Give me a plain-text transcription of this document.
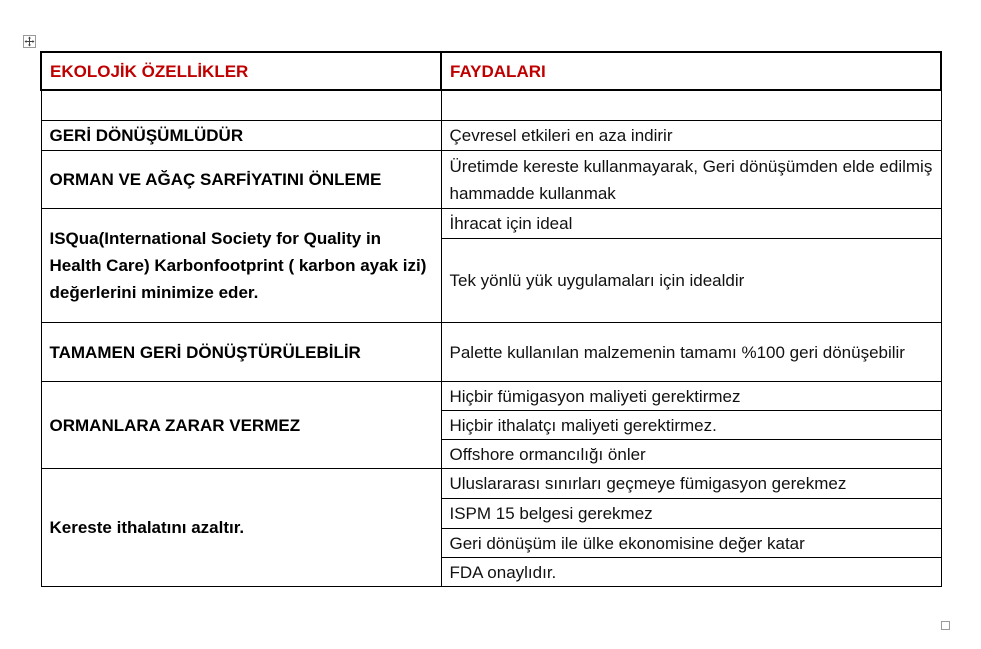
EKOLOJİK ÖZELLİKLER	FAYDALARI

GERİ DÖNÜŞÜMLÜDÜR	Çevresel etkileri en aza indirir
ORMAN VE AĞAÇ SARFİYATINI ÖNLEME	Üretimde kereste kullanmayarak, Geri dönüşümden elde edilmiş hammadde kullanmak
ISQua(International Society for Quality in Health Care) Karbonfootprint ( karbon ayak izi) değerlerini minimize eder.	İhracat için ideal
	Tek yönlü yük uygulamaları için idealdir
TAMAMEN GERİ DÖNÜŞTÜRÜLEBİLİR	Palette kullanılan malzemenin tamamı %100 geri dönüşebilir
ORMANLARA ZARAR VERMEZ	Hiçbir fümigasyon maliyeti gerektirmez
	Hiçbir ithalatçı maliyeti gerektirmez.
	Offshore ormancılığı önler
Kereste ithalatını azaltır.	Uluslararası sınırları geçmeye fümigasyon gerekmez
	ISPM 15 belgesi gerekmez
	Geri dönüşüm ile ülke ekonomisine değer katar
	FDA onaylıdır.
